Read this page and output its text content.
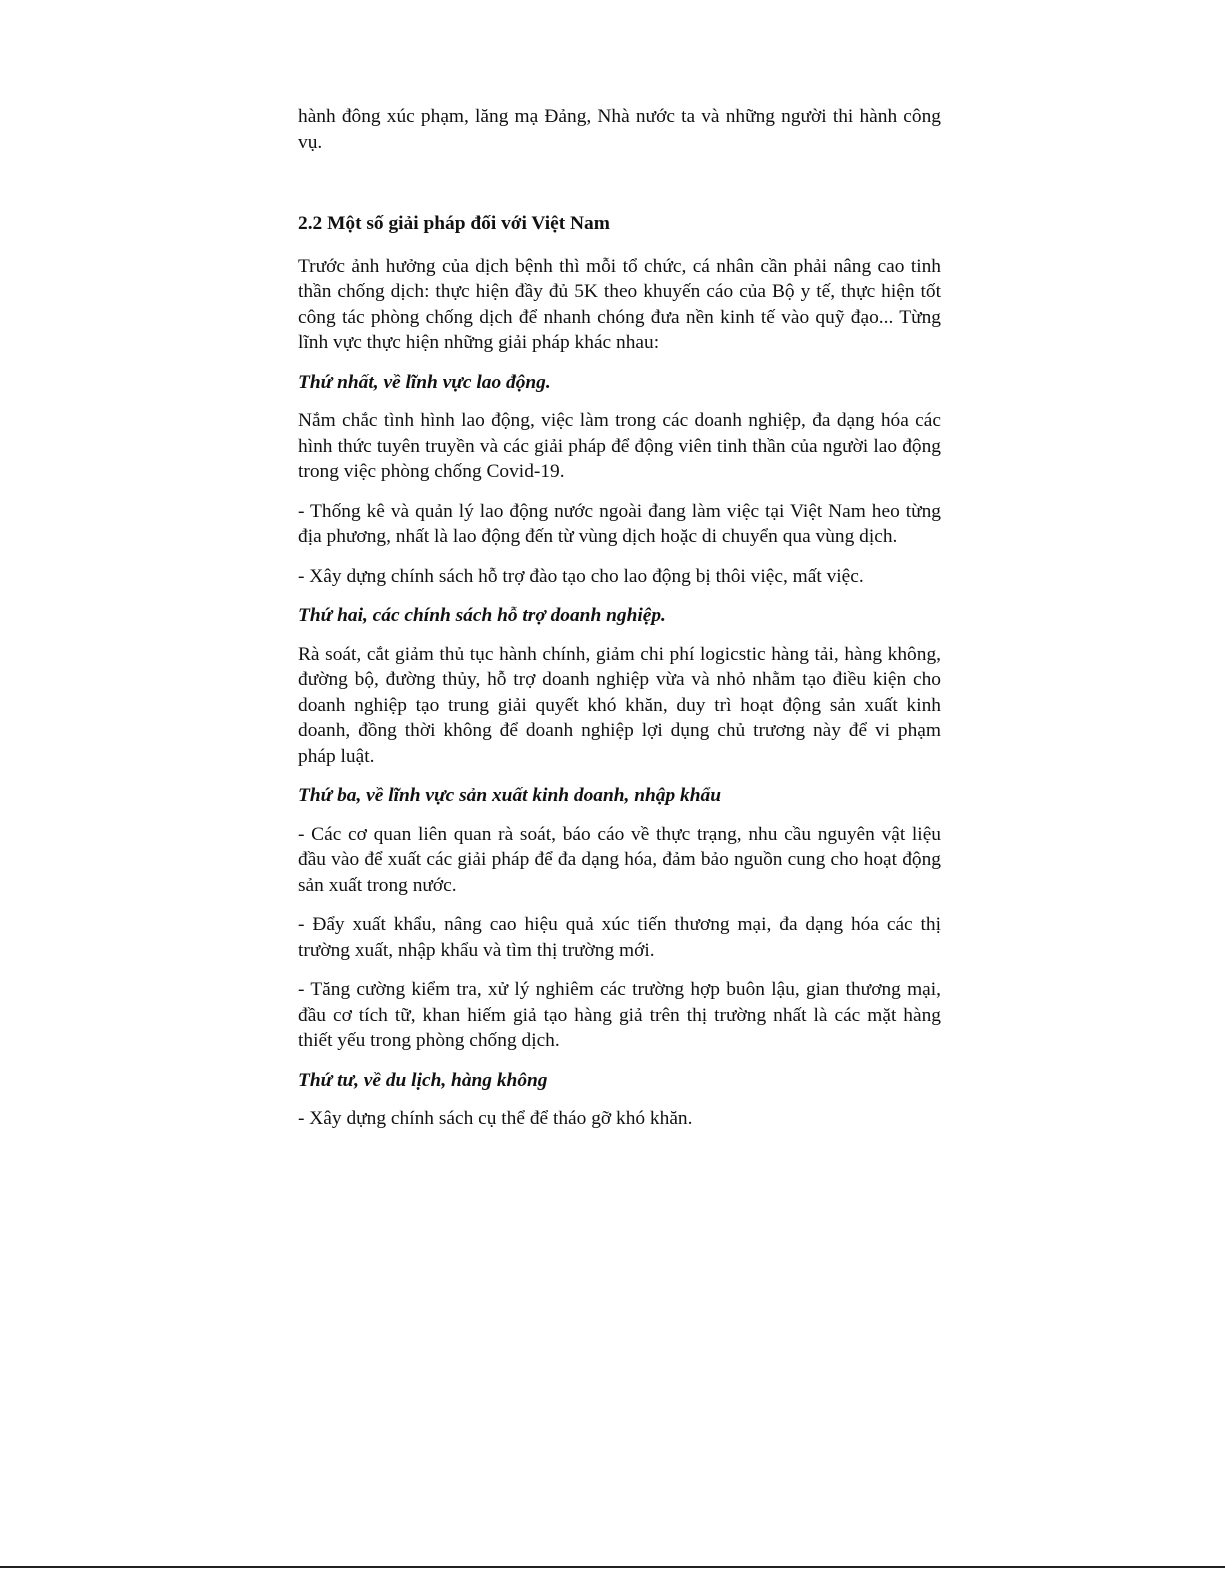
hành đông xúc phạm, lăng mạ Đảng, Nhà nước ta và những người thi hành công vụ.

2.2 Một số giải pháp đối với Việt Nam

Trước ảnh hưởng của dịch bệnh thì mỗi tổ chức, cá nhân cần phải nâng cao tinh thần chống dịch: thực hiện đầy đủ 5K theo khuyến cáo của Bộ y tế, thực hiện tốt công tác phòng chống dịch để nhanh chóng đưa nền kinh tế vào quỹ đạo... Từng lĩnh vực thực hiện những giải pháp khác nhau:

Thứ nhất, về lĩnh vực lao động.

Nắm chắc tình hình lao động, việc làm trong các doanh nghiệp, đa dạng hóa các hình thức tuyên truyền và các giải pháp để động viên tinh thần của người lao động trong việc phòng chống Covid-19.

- Thống kê và quản lý lao động nước ngoài đang làm việc tại Việt Nam heo từng địa phương, nhất là lao động đến từ vùng dịch hoặc di chuyển qua vùng dịch.

- Xây dựng chính sách hỗ trợ đào tạo cho lao động bị thôi việc, mất việc.

Thứ hai, các chính sách hỗ trợ doanh nghiệp.

Rà soát, cắt giảm thủ tục hành chính, giảm chi phí logicstic hàng tải, hàng không, đường bộ, đường thủy, hỗ trợ doanh nghiệp vừa và nhỏ nhằm tạo điều kiện cho doanh nghiệp tạo trung giải quyết khó khăn, duy trì hoạt động sản xuất kinh doanh, đồng thời không để doanh nghiệp lợi dụng chủ trương này để vi phạm pháp luật.

Thứ ba, về lĩnh vực sản xuất kinh doanh, nhập khẩu

- Các cơ quan liên quan rà soát, báo cáo về thực trạng, nhu cầu nguyên vật liệu đầu vào để xuất các giải pháp để đa dạng hóa, đảm bảo nguồn cung cho hoạt động sản xuất trong nước.

- Đẩy xuất khẩu, nâng cao hiệu quả xúc tiến thương mại, đa dạng hóa các thị trường xuất, nhập khẩu và tìm thị trường mới.

- Tăng cường kiểm tra, xử lý nghiêm các trường hợp buôn lậu, gian thương mại, đầu cơ tích tữ, khan hiếm giả tạo hàng giả trên thị trường nhất là các mặt hàng thiết yếu trong phòng chống dịch.

Thứ tư, về du lịch, hàng không

- Xây dựng chính sách cụ thể để tháo gỡ khó khăn.
